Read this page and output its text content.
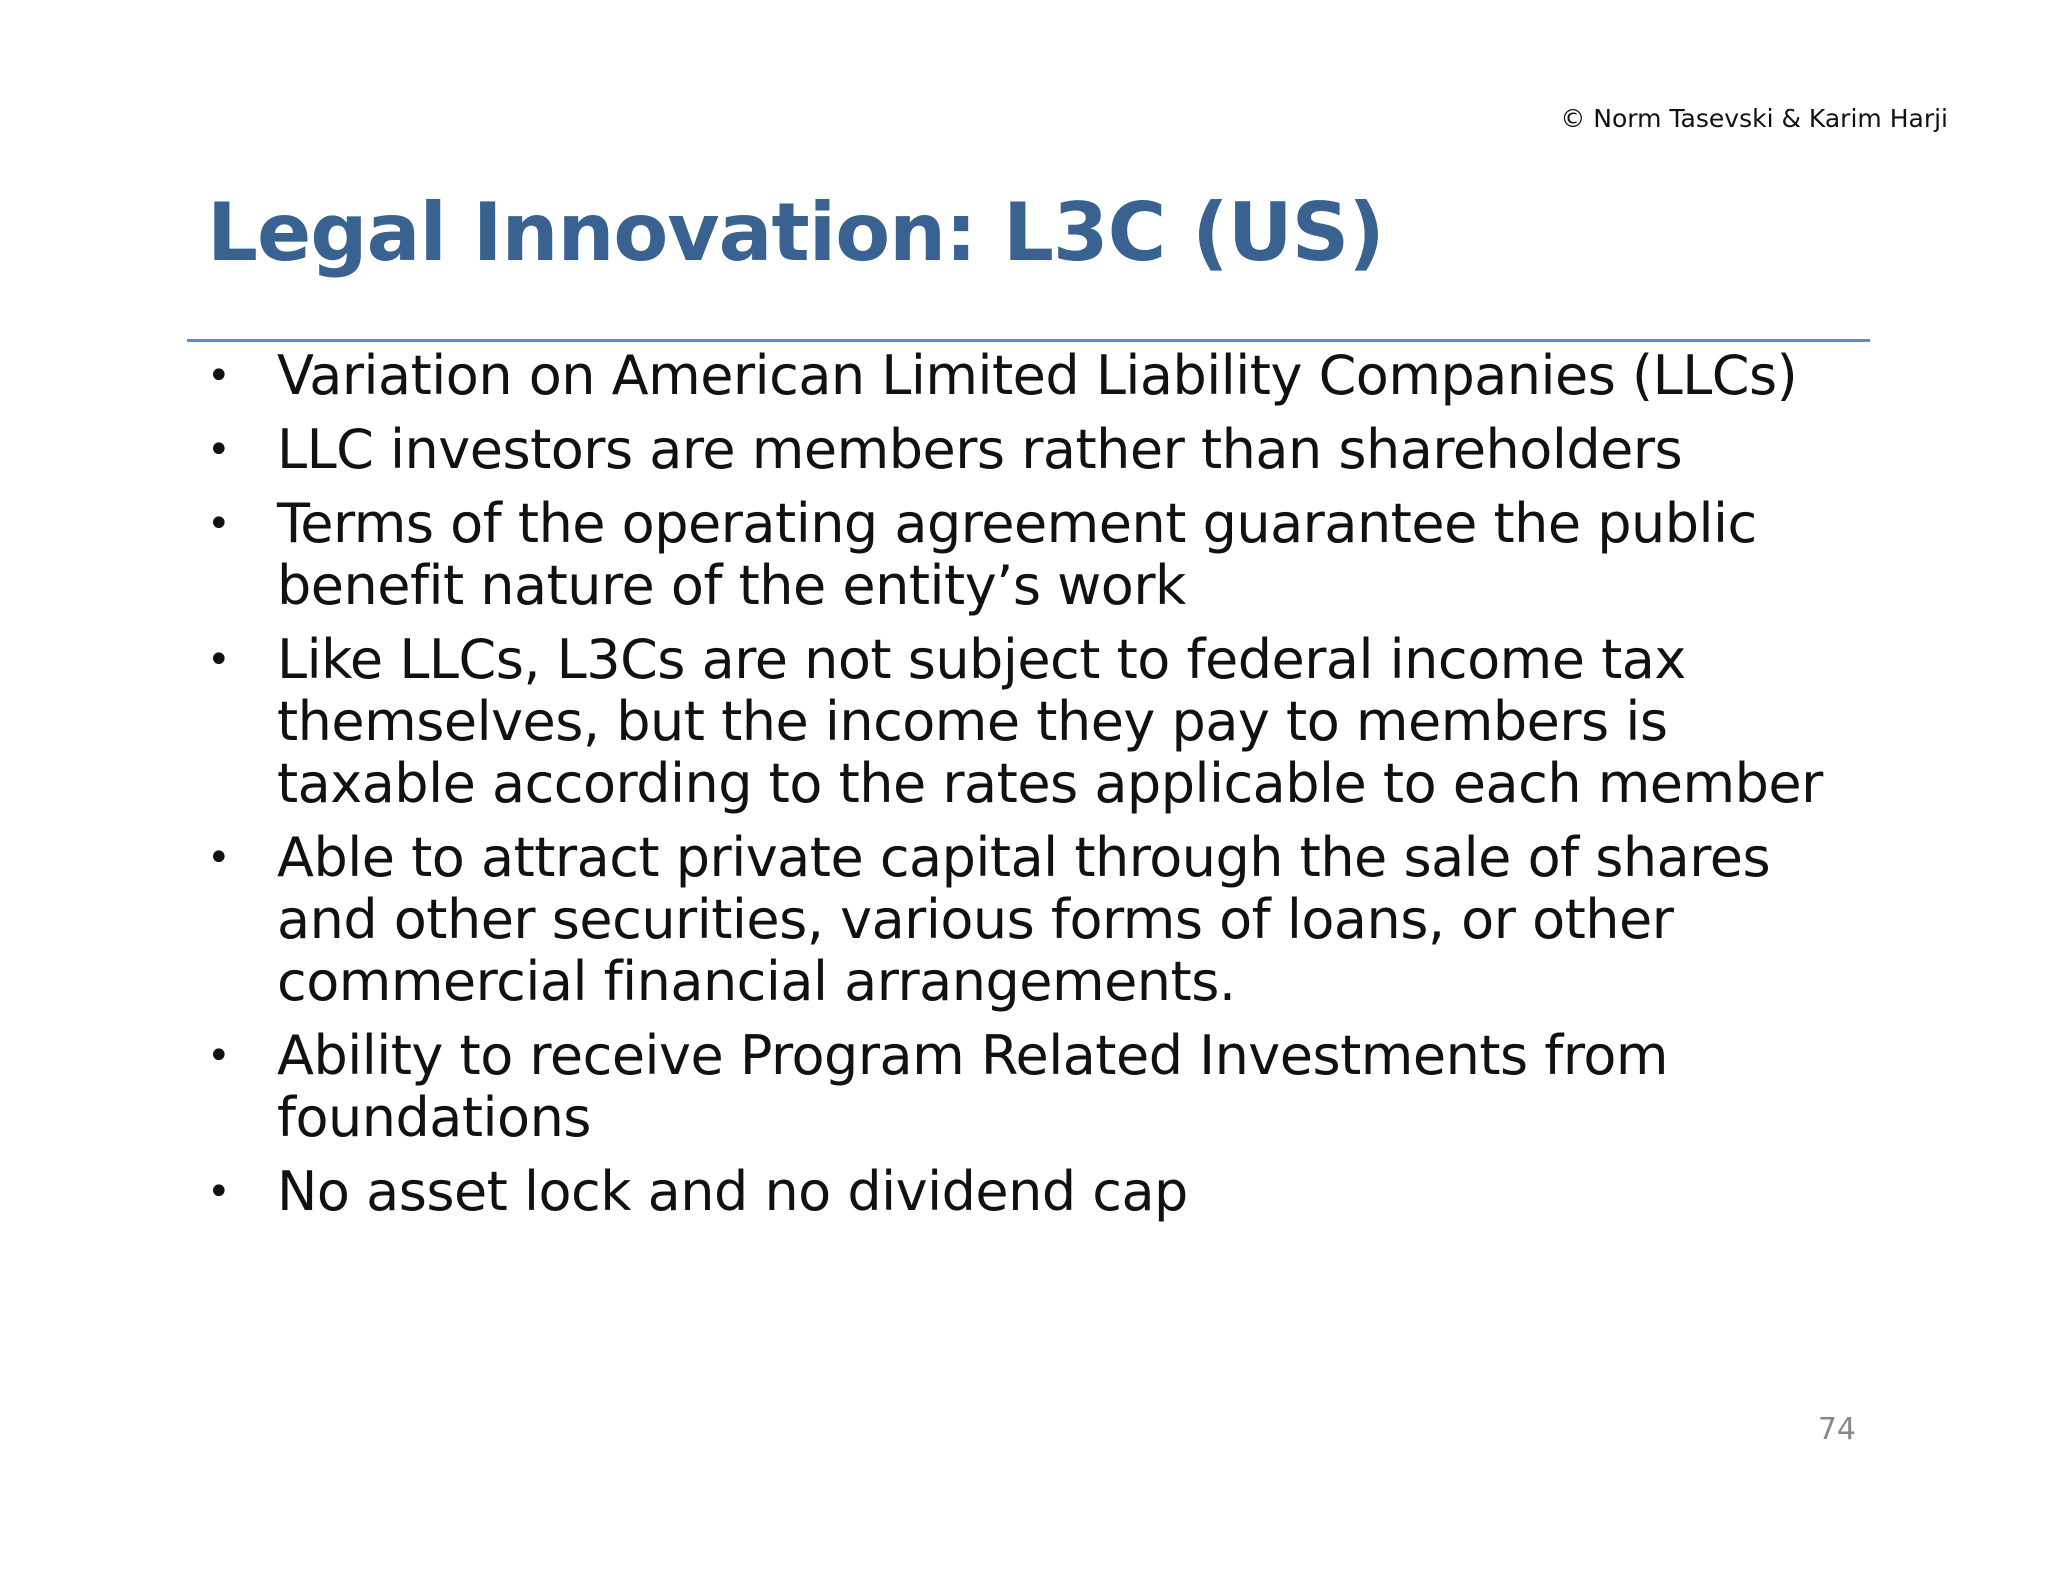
© Norm Tasevski & Karim Harji
Legal Innovation: L3C (US)
• Variation on American Limited Liability Companies (LLCs)
• LLC investors are members rather than shareholders
• Terms of the operating agreement guarantee the public benefit nature of the entity’s work
• Like LLCs, L3Cs are not subject to federal income tax themselves, but the income they pay to members is taxable according to the rates applicable to each member
• Able to attract private capital through the sale of shares and other securities, various forms of loans, or other commercial financial arrangements.
• Ability to receive Program Related Investments from foundations
• No asset lock and no dividend cap
74
